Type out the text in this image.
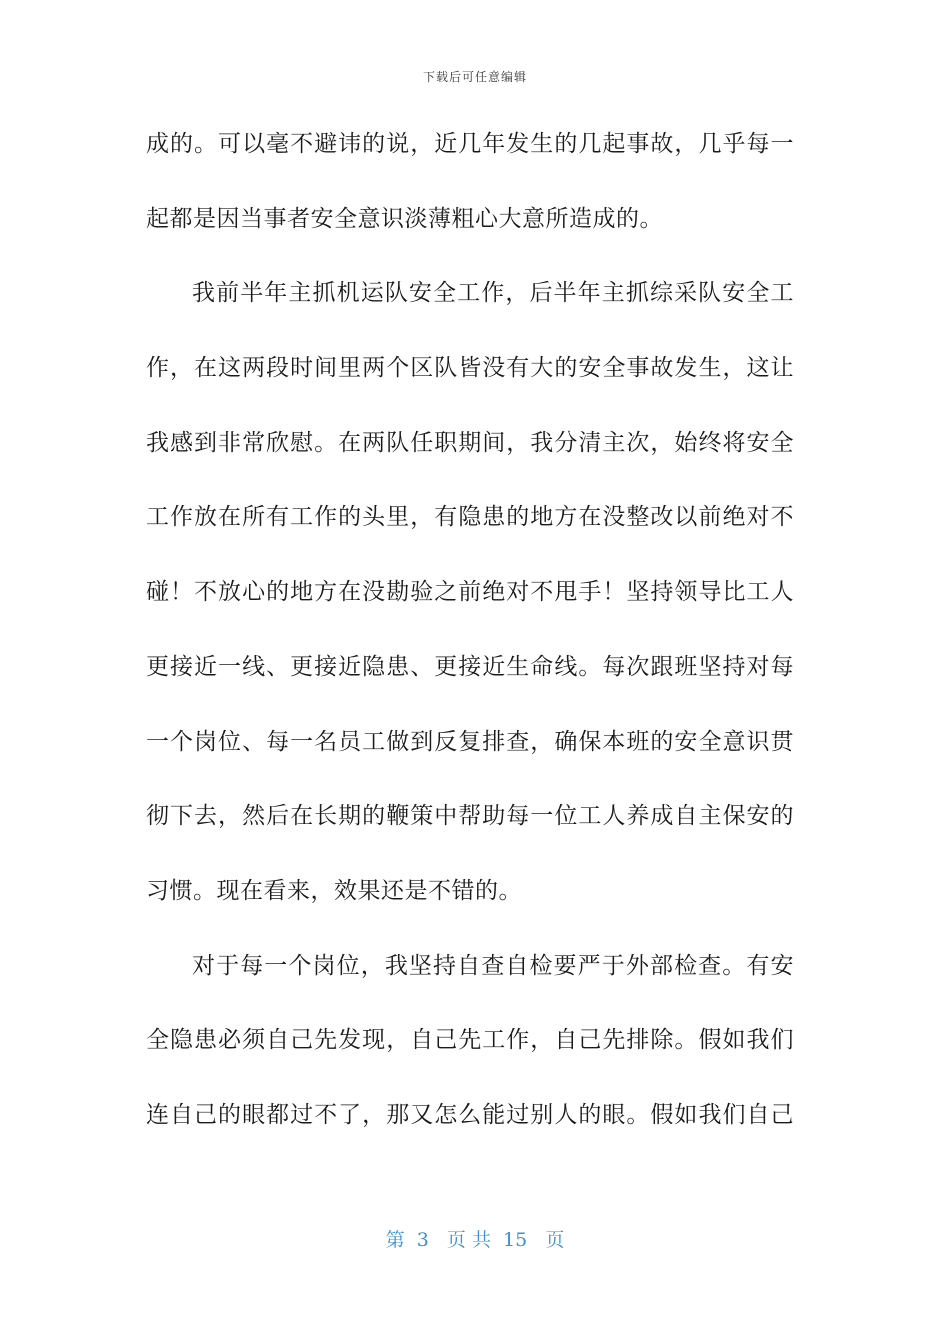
下载后可任意编辑
成的。可以毫不避讳的说，近几年发生的几起事故，几乎每一
起都是因当事者安全意识淡薄粗心大意所造成的。
我前半年主抓机运队安全工作，后半年主抓综采队安全工
作，在这两段时间里两个区队皆没有大的安全事故发生，这让
我感到非常欣慰。在两队任职期间，我分清主次，始终将安全
工作放在所有工作的头里，有隐患的地方在没整改以前绝对不
碰！不放心的地方在没勘验之前绝对不甩手！坚持领导比工人
更接近一线、更接近隐患、更接近生命线。每次跟班坚持对每
一个岗位、每一名员工做到反复排查，确保本班的安全意识贯
彻下去，然后在长期的鞭策中帮助每一位工人养成自主保安的
习惯。现在看来，效果还是不错的。
对于每一个岗位，我坚持自查自检要严于外部检查。有安
全隐患必须自己先发现，自己先工作，自己先排除。假如我们
连自己的眼都过不了，那又怎么能过别人的眼。假如我们自己
第  3   页 共  15   页
